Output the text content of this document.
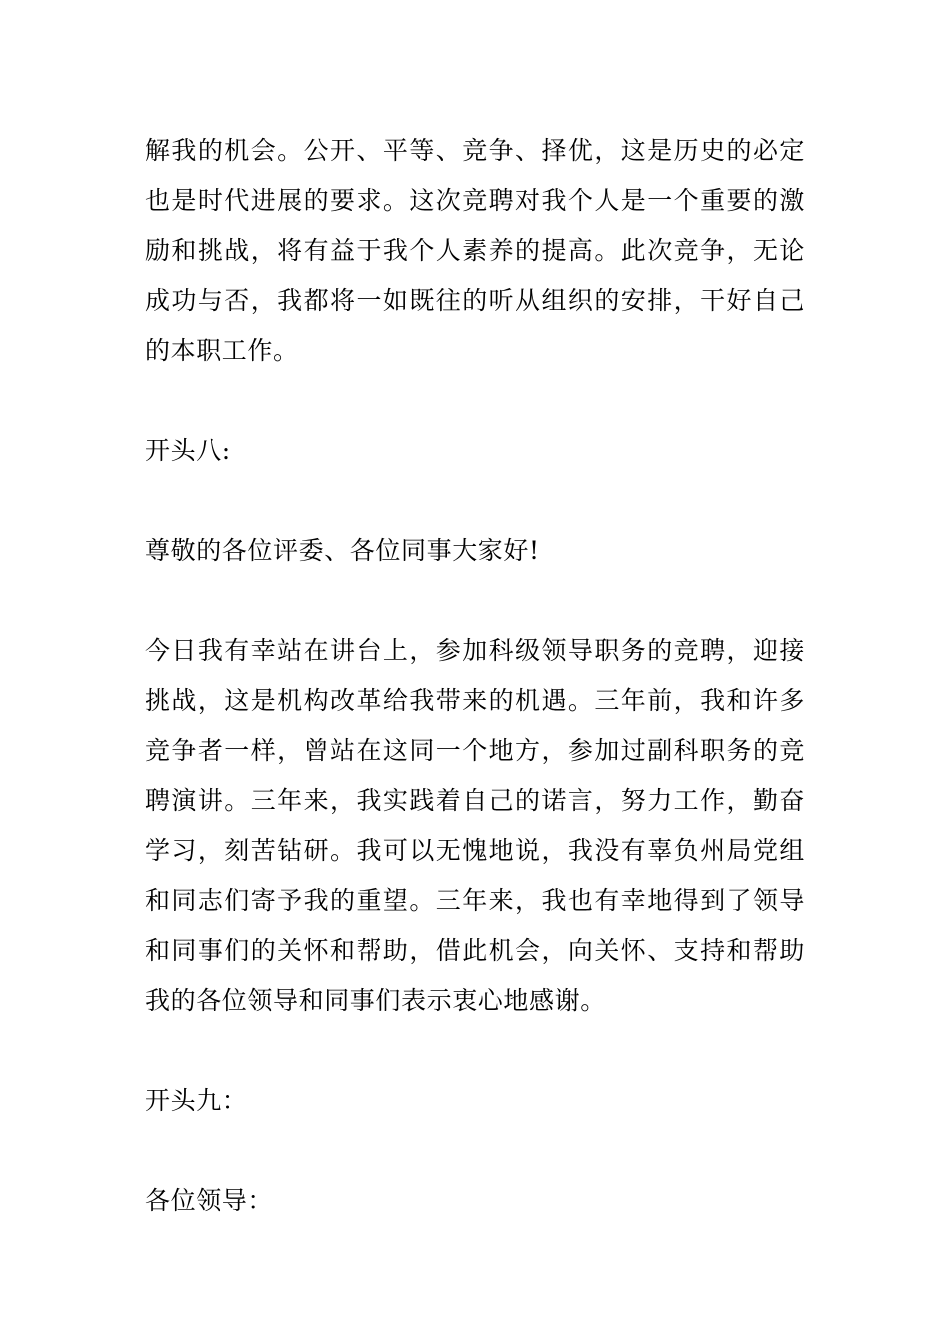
解我的机会。公开、平等、竞争、择优，这是历史的必定也是时代进展的要求。这次竞聘对我个人是一个重要的激励和挑战，将有益于我个人素养的提高。此次竞争，无论成功与否，我都将一如既往的听从组织的安排，干好自己的本职工作。

开头八:

尊敬的各位评委、各位同事大家好!

今日我有幸站在讲台上，参加科级领导职务的竞聘，迎接挑战，这是机构改革给我带来的机遇。三年前，我和许多竞争者一样，曾站在这同一个地方，参加过副科职务的竞聘演讲。三年来，我实践着自己的诺言，努力工作，勤奋学习，刻苦钻研。我可以无愧地说，我没有辜负州局党组和同志们寄予我的重望。三年来，我也有幸地得到了领导和同事们的关怀和帮助，借此机会，向关怀、支持和帮助我的各位领导和同事们表示衷心地感谢。

开头九：

各位领导：
